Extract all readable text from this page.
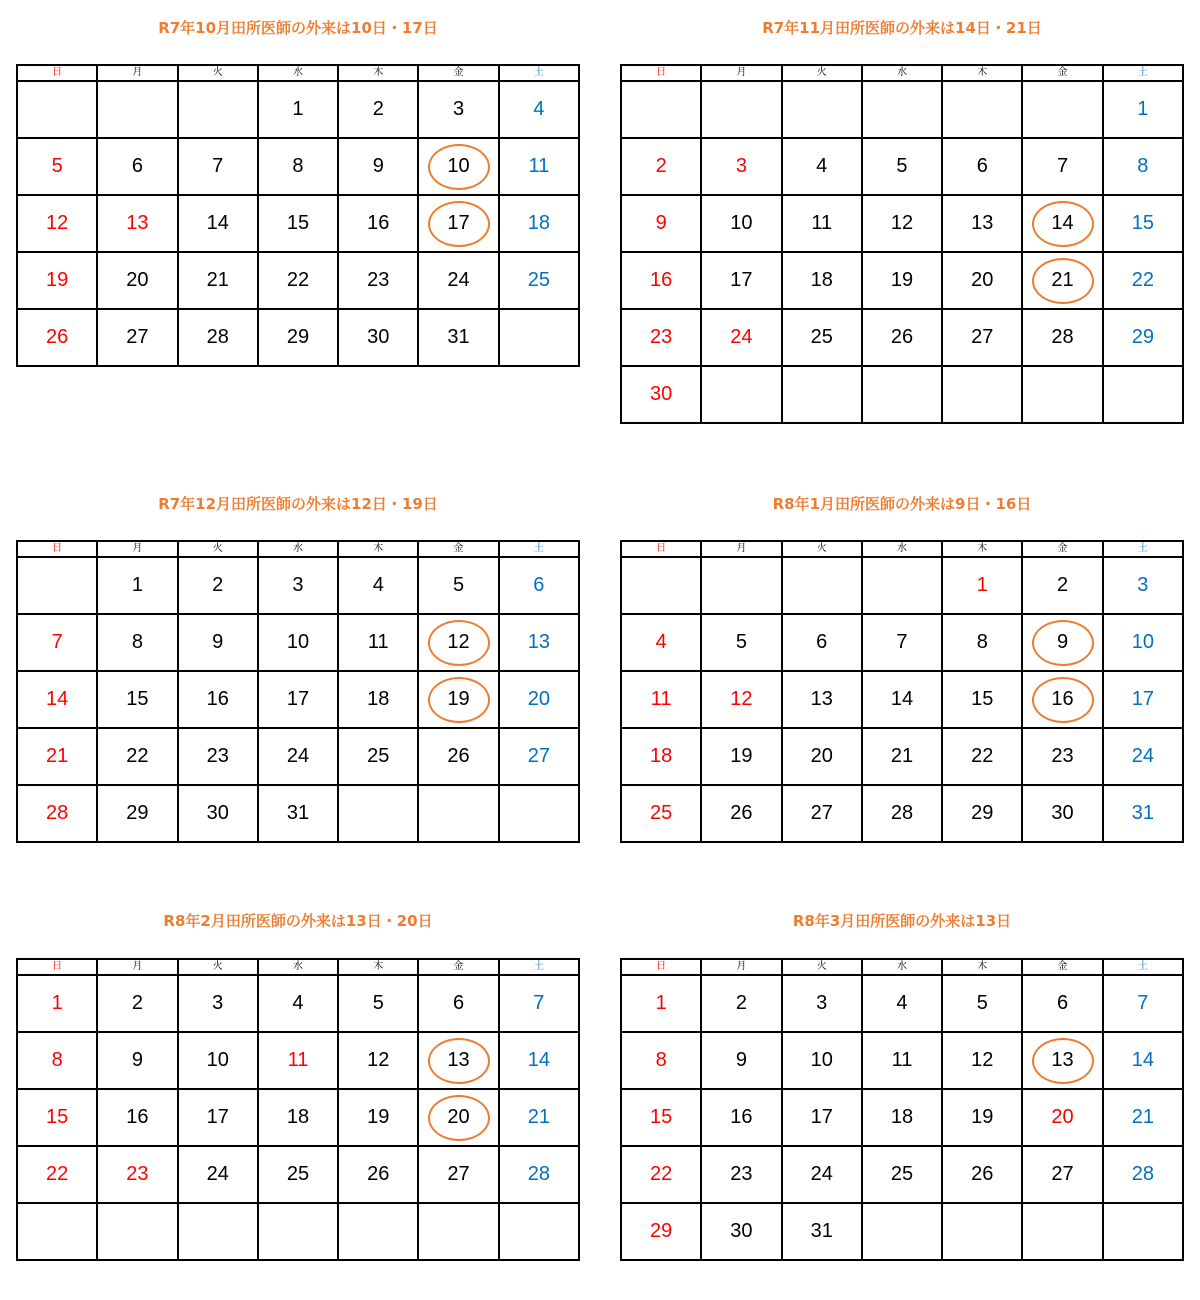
R7年10月田所医師の外来は10日・17日
日	月	火	水	木	金	土
			1	2	3	4
5	6	7	8	9	10	11
12	13	14	15	16	17	18
19	20	21	22	23	24	25
26	27	28	29	30	31	
R7年11月田所医師の外来は14日・21日
日	月	火	水	木	金	土
						1
2	3	4	5	6	7	8
9	10	11	12	13	14	15
16	17	18	19	20	21	22
23	24	25	26	27	28	29
30						
R7年12月田所医師の外来は12日・19日
日	月	火	水	木	金	土
	1	2	3	4	5	6
7	8	9	10	11	12	13
14	15	16	17	18	19	20
21	22	23	24	25	26	27
28	29	30	31			
R8年1月田所医師の外来は9日・16日
日	月	火	水	木	金	土
				1	2	3
4	5	6	7	8	9	10
11	12	13	14	15	16	17
18	19	20	21	22	23	24
25	26	27	28	29	30	31
R8年2月田所医師の外来は13日・20日
日	月	火	水	木	金	土
1	2	3	4	5	6	7
8	9	10	11	12	13	14
15	16	17	18	19	20	21
22	23	24	25	26	27	28

R8年3月田所医師の外来は13日
日	月	火	水	木	金	土
1	2	3	4	5	6	7
8	9	10	11	12	13	14
15	16	17	18	19	20	21
22	23	24	25	26	27	28
29	30	31				
